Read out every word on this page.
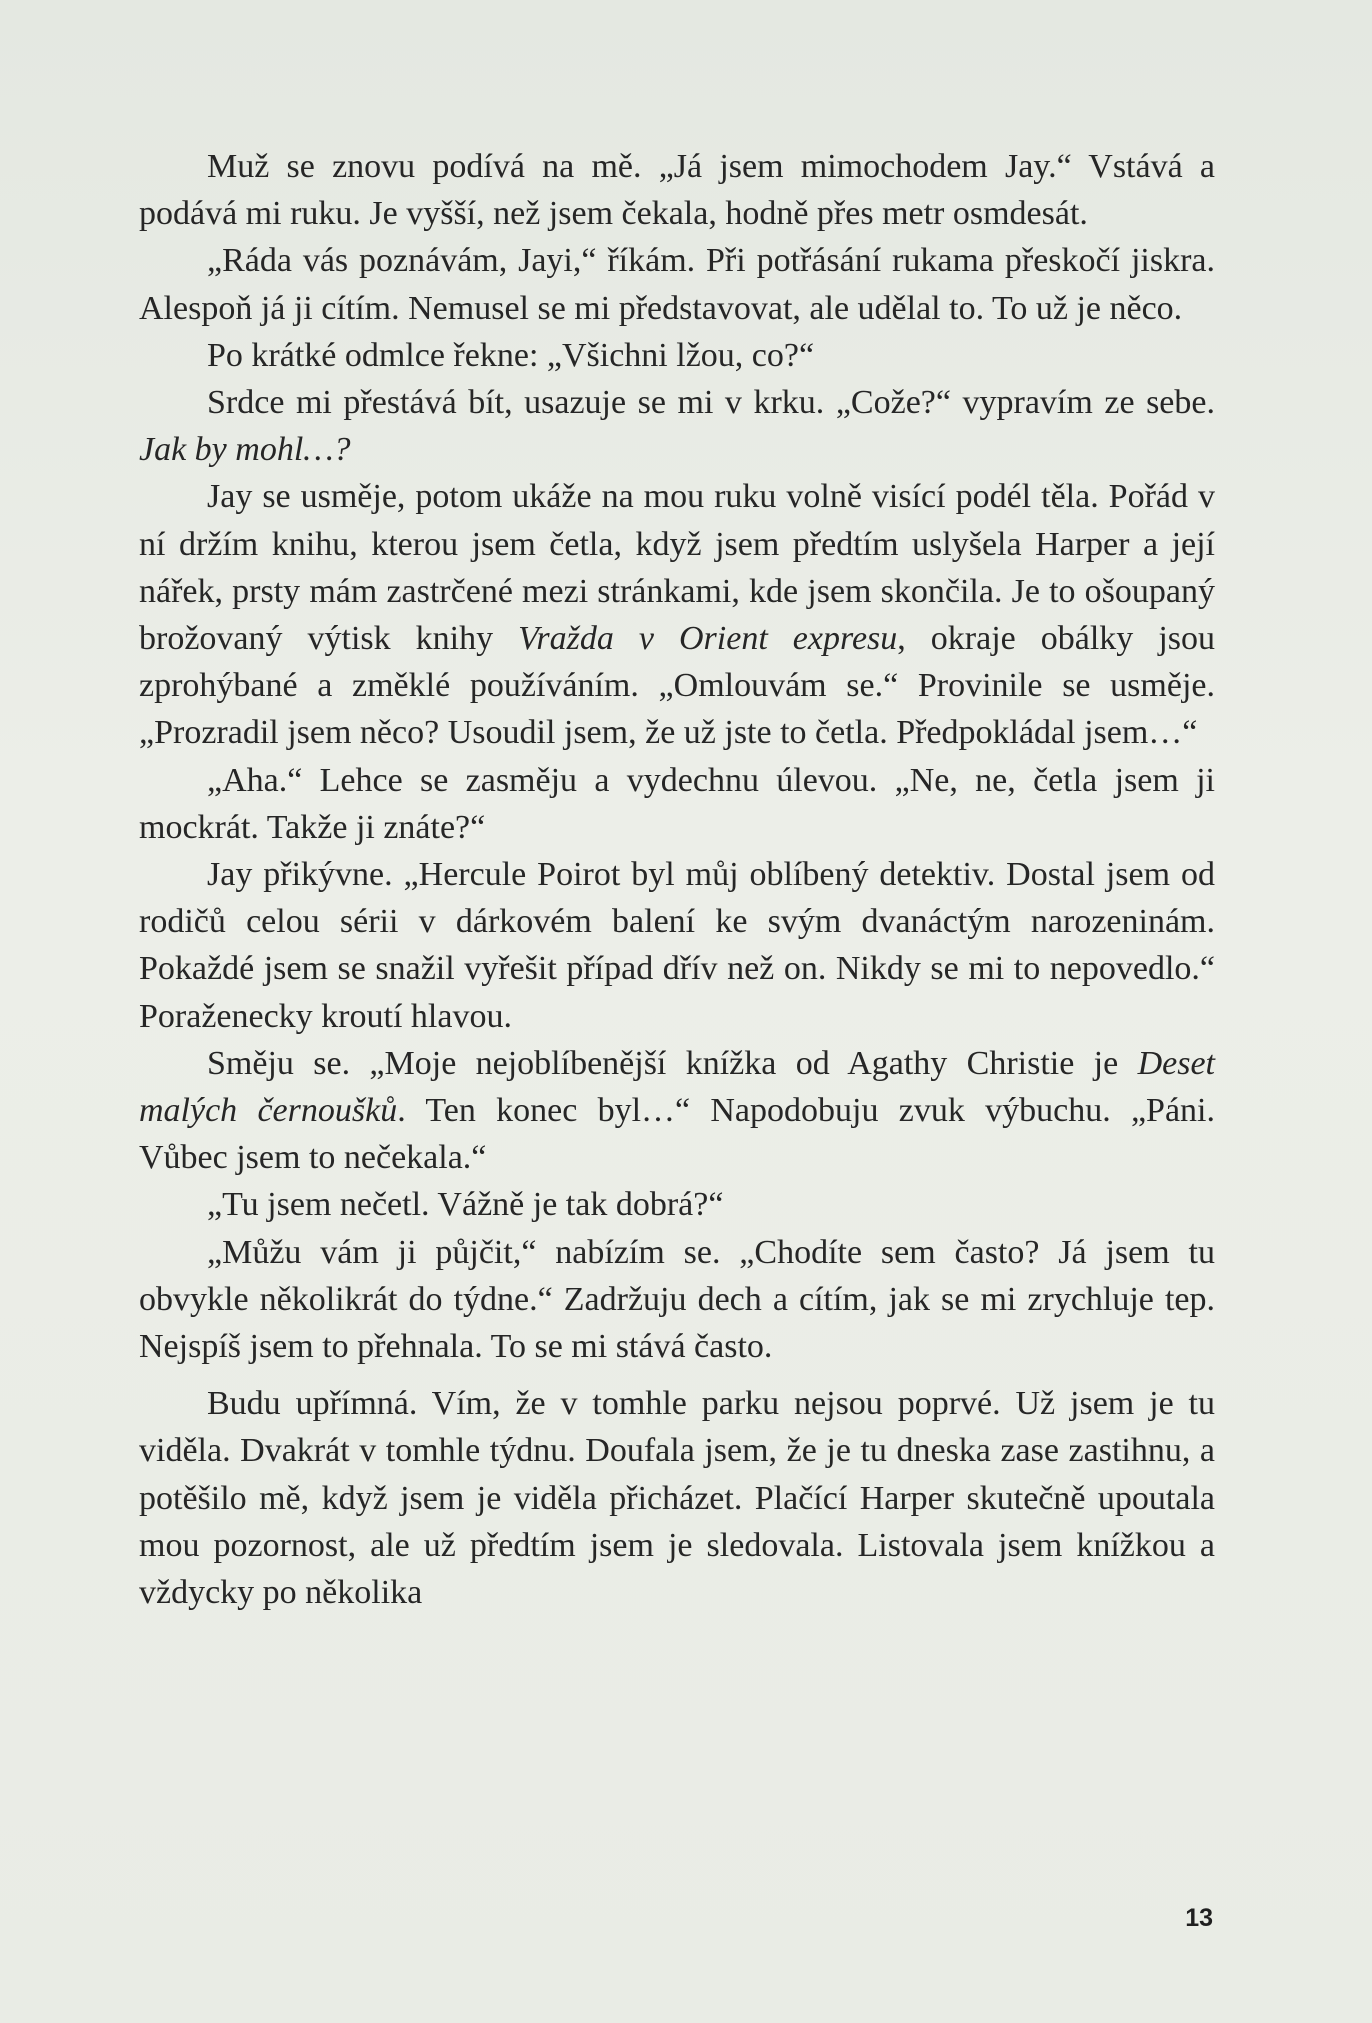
Muž se znovu podívá na mě. „Já jsem mimochodem Jay.“ Vstává a podává mi ruku. Je vyšší, než jsem čekala, hodně přes metr osmdesát.

„Ráda vás poznávám, Jayi,“ říkám. Při potřásání rukama přeskočí jiskra. Alespoň já ji cítím. Nemusel se mi představovat, ale udělal to. To už je něco.

Po krátké odmlce řekne: „Všichni lžou, co?“

Srdce mi přestává bít, usazuje se mi v krku. „Cože?“ vypravím ze sebe. Jak by mohl…?

Jay se usměje, potom ukáže na mou ruku volně visící podél těla. Pořád v ní držím knihu, kterou jsem četla, když jsem předtím uslyšela Harper a její nářek, prsty mám zastrčené mezi stránkami, kde jsem skončila. Je to ošoupaný brožovaný výtisk knihy Vražda v Orient expresu, okraje obálky jsou zprohýbané a změklé používáním. „Omlouvám se.“ Provinile se usměje. „Prozradil jsem něco? Usoudil jsem, že už jste to četla. Předpokládal jsem…“

„Aha.“ Lehce se zasměju a vydechnu úlevou. „Ne, ne, četla jsem ji mockrát. Takže ji znáte?“

Jay přikývne. „Hercule Poirot byl můj oblíbený detektiv. Dostal jsem od rodičů celou sérii v dárkovém balení ke svým dvanáctým narozeninám. Pokaždé jsem se snažil vyřešit případ dřív než on. Nikdy se mi to nepovedlo.“ Poraženecky kroutí hlavou.

Směju se. „Moje nejoblíbenější knížka od Agathy Christie je Deset malých černoušků. Ten konec byl…“ Napodobuju zvuk výbuchu. „Páni. Vůbec jsem to nečekala.“

„Tu jsem nečetl. Vážně je tak dobrá?“

„Můžu vám ji půjčit,“ nabízím se. „Chodíte sem často? Já jsem tu obvykle několikrát do týdne.“ Zadržuju dech a cítím, jak se mi zrychluje tep. Nejspíš jsem to přehnala. To se mi stává často.

Budu upřímná. Vím, že v tomhle parku nejsou poprvé. Už jsem je tu viděla. Dvakrát v tomhle týdnu. Doufala jsem, že je tu dneska zase zastihnu, a potěšilo mě, když jsem je viděla přicházet. Plačící Harper skutečně upoutala mou pozornost, ale už předtím jsem je sledovala. Listovala jsem knížkou a vždycky po několika

13
